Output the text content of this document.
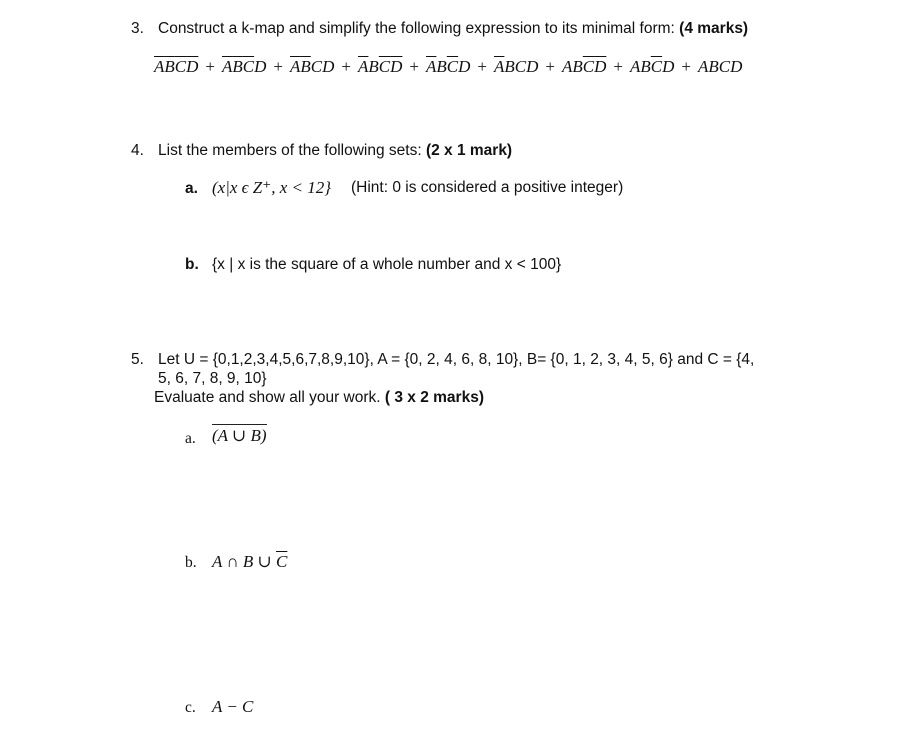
3. Construct a k-map and simplify the following expression to its minimal form: (4 marks)
$\overline{A}\overline{B}\overline{C}\overline{D} + \overline{A}\overline{B}\overline{C}D + \overline{A}\overline{B}CD + \overline{A}B\overline{C}\overline{D} + \overline{A}B\overline{C}D + \overline{A}BCD + AB\overline{C}\overline{D} + AB\overline{C}D$ + ABCD
4. List the members of the following sets: (2 x 1 mark)
a. (x|x ϵ Z⁺, x < 12} (Hint: 0 is considered a positive integer)
b. {x | x is the square of a whole number and x < 100}
5. Let U = {0,1,2,3,4,5,6,7,8,9,10}, A = {0, 2, 4, 6, 8, 10}, B= {0, 1, 2, 3, 4, 5, 6} and C = {4,
5, 6, 7, 8, 9, 10}
Evaluate and show all your work. ( 3 x 2 marks)
a. (A ∪ B)
b. A ∩ B ∪ $\overline{C}$
c. A − C
